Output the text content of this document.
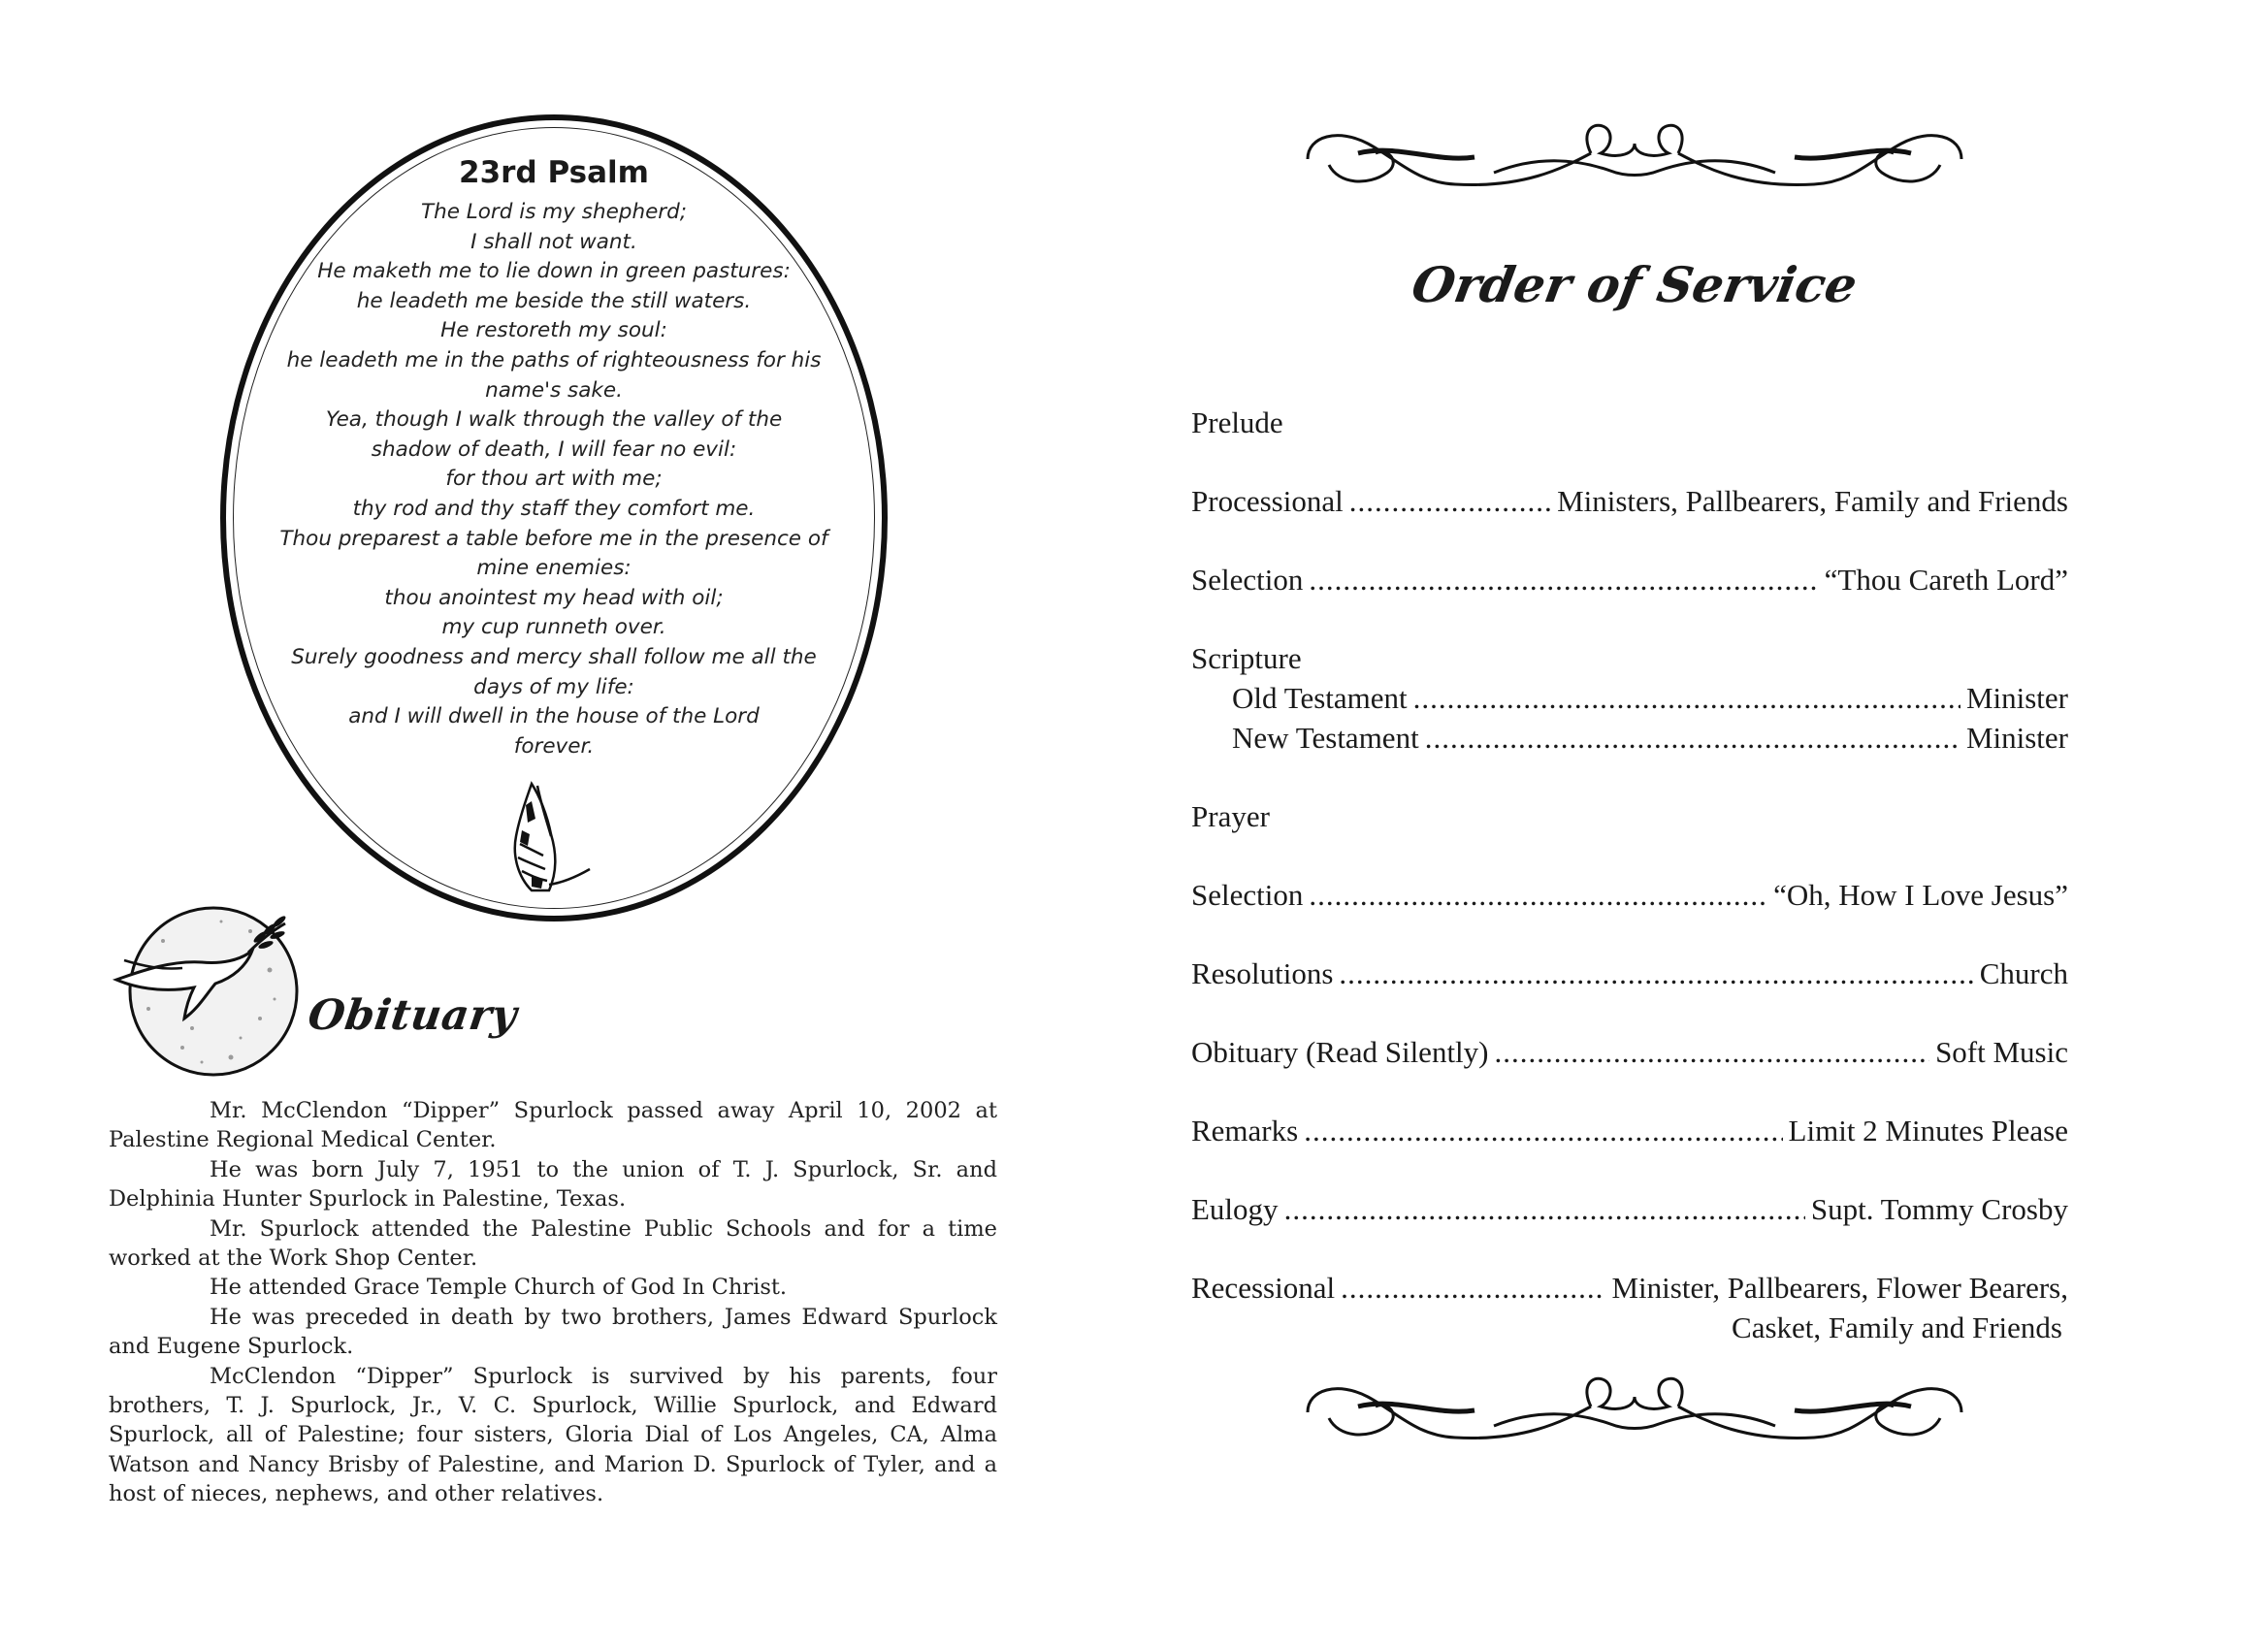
23rd Psalm
The Lord is my shepherd;
I shall not want.
He maketh me to lie down in green pastures:
he leadeth me beside the still waters.
He restoreth my soul:
he leadeth me in the paths of righteousness for his
name's sake.
Yea, though I walk through the valley of the
shadow of death, I will fear no evil:
for thou art with me;
thy rod and thy staff they comfort me.
Thou preparest a table before me in the presence of
mine enemies:
thou anointest my head with oil;
my cup runneth over.
Surely goodness and mercy shall follow me all the
days of my life:
and I will dwell in the house of the Lord
forever.
Obituary

Mr. McClendon “Dipper” Spurlock passed away April 10, 2002 at Palestine Regional Medical Center.

He was born July 7, 1951 to the union of T. J. Spurlock, Sr. and Delphinia Hunter Spurlock in Palestine, Texas.

Mr. Spurlock attended the Palestine Public Schools and for a time worked at the Work Shop Center.

He attended Grace Temple Church of God In Christ.

He was preceded in death by two brothers, James Edward Spurlock and Eugene Spurlock.

McClendon “Dipper” Spurlock is survived by his parents, four brothers, T. J. Spurlock, Jr., V. C. Spurlock, Willie Spurlock, and Edward Spurlock, all of Palestine; four sisters, Gloria Dial of Los Angeles, CA, Alma Watson and Nancy Brisby of Palestine, and Marion D. Spurlock of Tyler, and a host of nieces, nephews, and other relatives.

Order of Service
Prelude
Processional .....	Ministers, Pallbearers, Family and Friends
Selection .....	“Thou Careth Lord”
Scripture
Old Testament .....	Minister
New Testament .....	Minister
Prayer
Selection .....	“Oh, How I Love Jesus”
Resolutions .....	Church
Obituary (Read Silently) .....	Soft Music
Remarks .....	Limit 2 Minutes Please
Eulogy .....	Supt. Tommy Crosby
Recessional .....	Minister, Pallbearers, Flower Bearers,
Casket, Family and Friends
